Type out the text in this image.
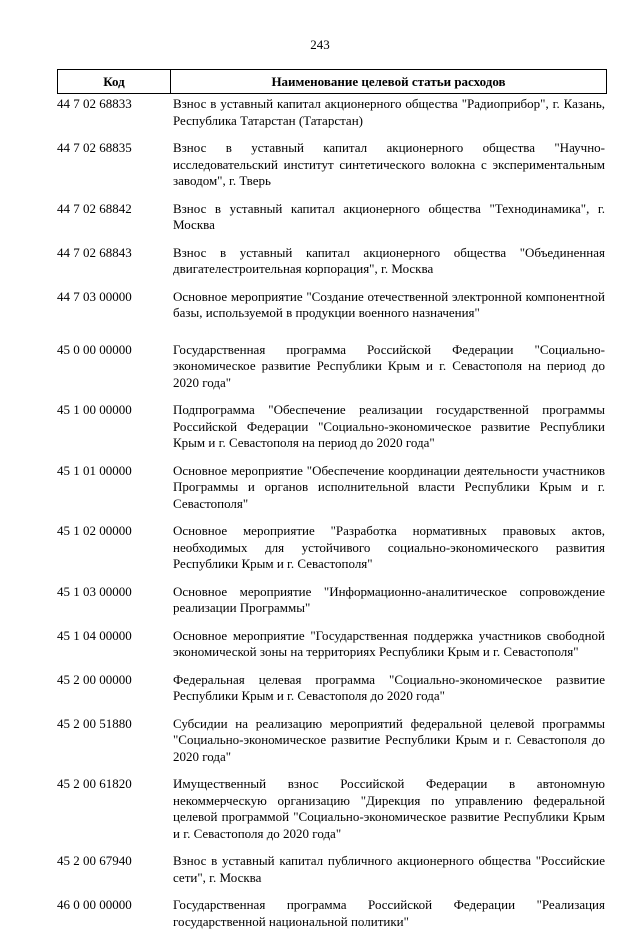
243
Код	Наименование целевой статьи расходов
44 7 02 68833	Взнос в уставный капитал акционерного общества "Радиоприбор", г. Казань, Республика Татарстан (Татарстан)
44 7 02 68835	Взнос в уставный капитал акционерного общества "Научно-исследовательский институт синтетического волокна с экспериментальным заводом", г. Тверь
44 7 02 68842	Взнос в уставный капитал акционерного общества "Технодинамика", г. Москва
44 7 02 68843	Взнос в уставный капитал акционерного общества "Объединенная двигателестроительная корпорация", г. Москва
44 7 03 00000	Основное мероприятие "Создание отечественной электронной компонентной базы, используемой в продукции военного назначения"
45 0 00 00000	Государственная программа Российской Федерации "Социально-экономическое развитие Республики Крым и г. Севастополя на период до 2020 года"
45 1 00 00000	Подпрограмма "Обеспечение реализации государственной программы Российской Федерации "Социально-экономическое развитие Республики Крым и г. Севастополя на период до 2020 года"
45 1 01 00000	Основное мероприятие "Обеспечение координации деятельности участников Программы и органов исполнительной власти Республики Крым и г. Севастополя"
45 1 02 00000	Основное мероприятие "Разработка нормативных правовых актов, необходимых для устойчивого социально-экономического развития Республики Крым и г. Севастополя"
45 1 03 00000	Основное мероприятие "Информационно-аналитическое сопровождение реализации Программы"
45 1 04 00000	Основное мероприятие "Государственная поддержка участников свободной экономической зоны на территориях Республики Крым и г. Севастополя"
45 2 00 00000	Федеральная целевая программа "Социально-экономическое развитие Республики Крым и г. Севастополя до 2020 года"
45 2 00 51880	Субсидии на реализацию мероприятий федеральной целевой программы "Социально-экономическое развитие Республики Крым и г. Севастополя до 2020 года"
45 2 00 61820	Имущественный взнос Российской Федерации в автономную некоммерческую организацию "Дирекция по управлению федеральной целевой программой "Социально-экономическое развитие Республики Крым и г. Севастополя до 2020 года"
45 2 00 67940	Взнос в уставный капитал публичного акционерного общества "Российские сети", г. Москва
46 0 00 00000	Государственная программа Российской Федерации "Реализация государственной национальной политики"
